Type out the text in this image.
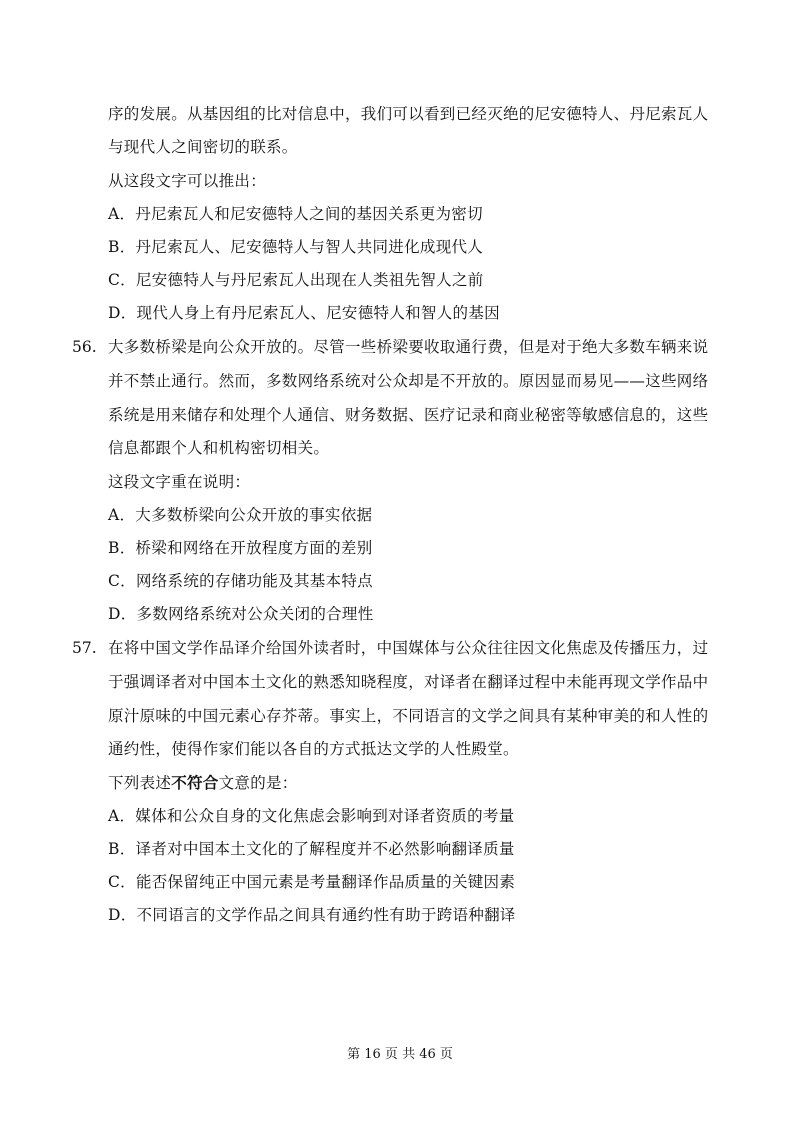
序的发展。从基因组的比对信息中，我们可以看到已经灭绝的尼安德特人、丹尼索瓦人
与现代人之间密切的联系。
从这段文字可以推出：
A．丹尼索瓦人和尼安德特人之间的基因关系更为密切
B．丹尼索瓦人、尼安德特人与智人共同进化成现代人
C．尼安德特人与丹尼索瓦人出现在人类祖先智人之前
D．现代人身上有丹尼索瓦人、尼安德特人和智人的基因
56. 大多数桥梁是向公众开放的。尽管一些桥梁要收取通行费，但是对于绝大多数车辆来说
并不禁止通行。然而，多数网络系统对公众却是不开放的。原因显而易见——这些网络
系统是用来储存和处理个人通信、财务数据、医疗记录和商业秘密等敏感信息的，这些
信息都跟个人和机构密切相关。
这段文字重在说明：
A．大多数桥梁向公众开放的事实依据
B．桥梁和网络在开放程度方面的差别
C．网络系统的存储功能及其基本特点
D．多数网络系统对公众关闭的合理性
57. 在将中国文学作品译介给国外读者时，中国媒体与公众往往因文化焦虑及传播压力，过
于强调译者对中国本土文化的熟悉知晓程度，对译者在翻译过程中未能再现文学作品中
原汁原味的中国元素心存芥蒂。事实上，不同语言的文学之间具有某种审美的和人性的
通约性，使得作家们能以各自的方式抵达文学的人性殿堂。
下列表述不符合文意的是：
A．媒体和公众自身的文化焦虑会影响到对译者资质的考量
B．译者对中国本土文化的了解程度并不必然影响翻译质量
C．能否保留纯正中国元素是考量翻译作品质量的关键因素
D．不同语言的文学作品之间具有通约性有助于跨语种翻译
第 16 页 共 46 页
